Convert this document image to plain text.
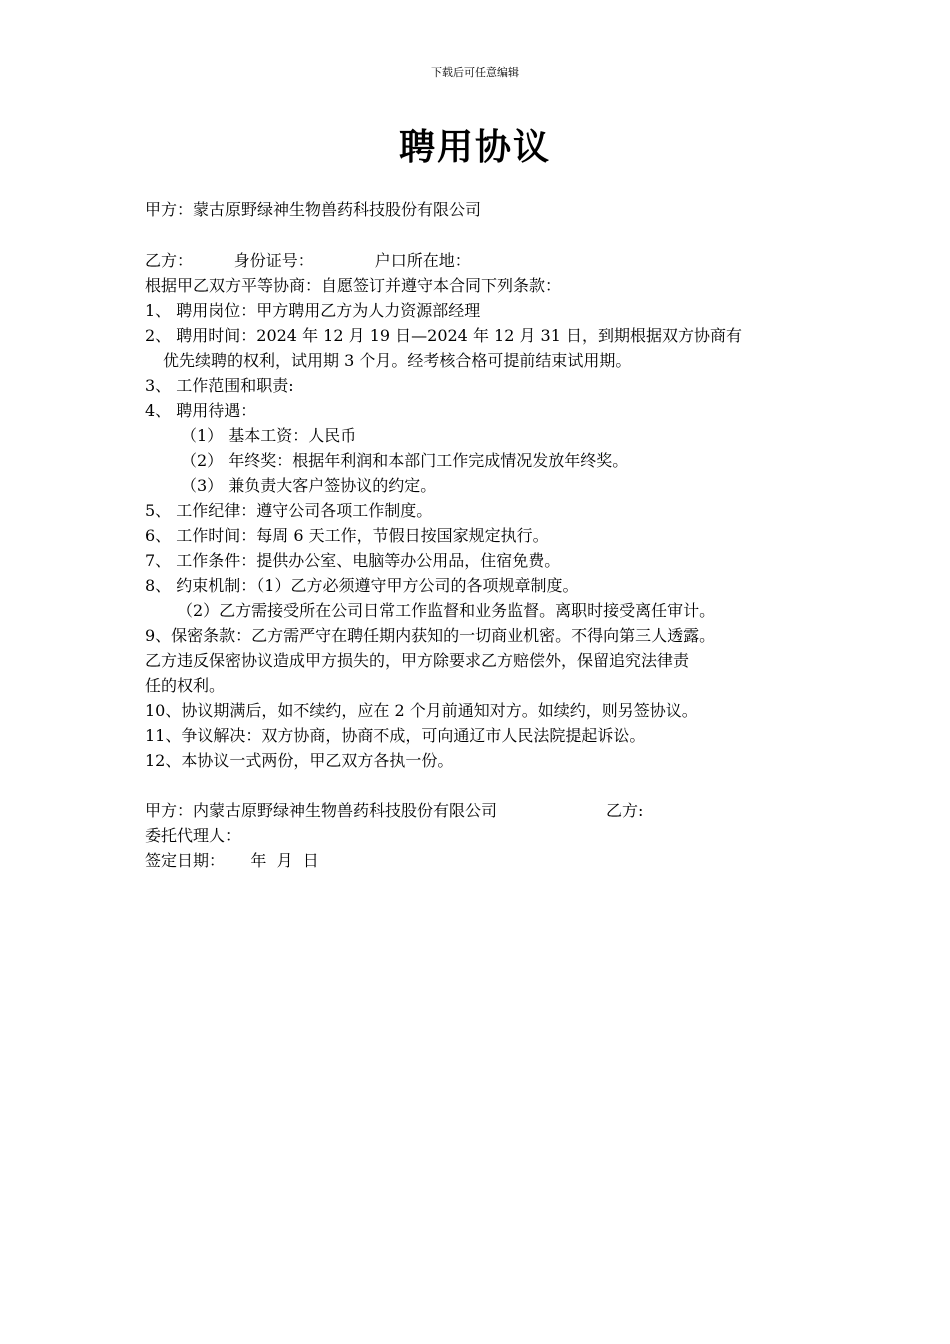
下载后可任意编辑
聘用协议

甲方：蒙古原野绿神生物兽药科技股份有限公司

乙方：        身份证号：            户口所在地：

根据甲乙双方平等协商：自愿签订并遵守本合同下列条款：

1、 聘用岗位：甲方聘用乙方为人力资源部经理

2、 聘用时间：2024 年 12 月 19 日—2024 年 12 月 31 日，到期根据双方协商有

优先续聘的权利，试用期 3 个月。经考核合格可提前结束试用期。

3、 工作范围和职责:

4、 聘用待遇：

（1） 基本工资：人民币

（2） 年终奖：根据年利润和本部门工作完成情况发放年终奖。

（3） 兼负责大客户签协议的约定。

5、 工作纪律：遵守公司各项工作制度。

6、 工作时间：每周 6 天工作，节假日按国家规定执行。

7、 工作条件：提供办公室、电脑等办公用品，住宿免费。

8、 约束机制：（1）乙方必须遵守甲方公司的各项规章制度。

（2）乙方需接受所在公司日常工作监督和业务监督。离职时接受离任审计。

9、保密条款：乙方需严守在聘任期内获知的一切商业机密。不得向第三人透露。

乙方违反保密协议造成甲方损失的，甲方除要求乙方赔偿外，保留追究法律责

任的权利。

10、协议期满后，如不续约，应在 2 个月前通知对方。如续约，则另签协议。

11、争议解决：双方协商，协商不成，可向通辽市人民法院提起诉讼。

12、本协议一式两份，甲乙双方各执一份。

甲方：内蒙古原野绿神生物兽药科技股份有限公司	乙方:

委托代理人：

签定日期：     年  月  日
